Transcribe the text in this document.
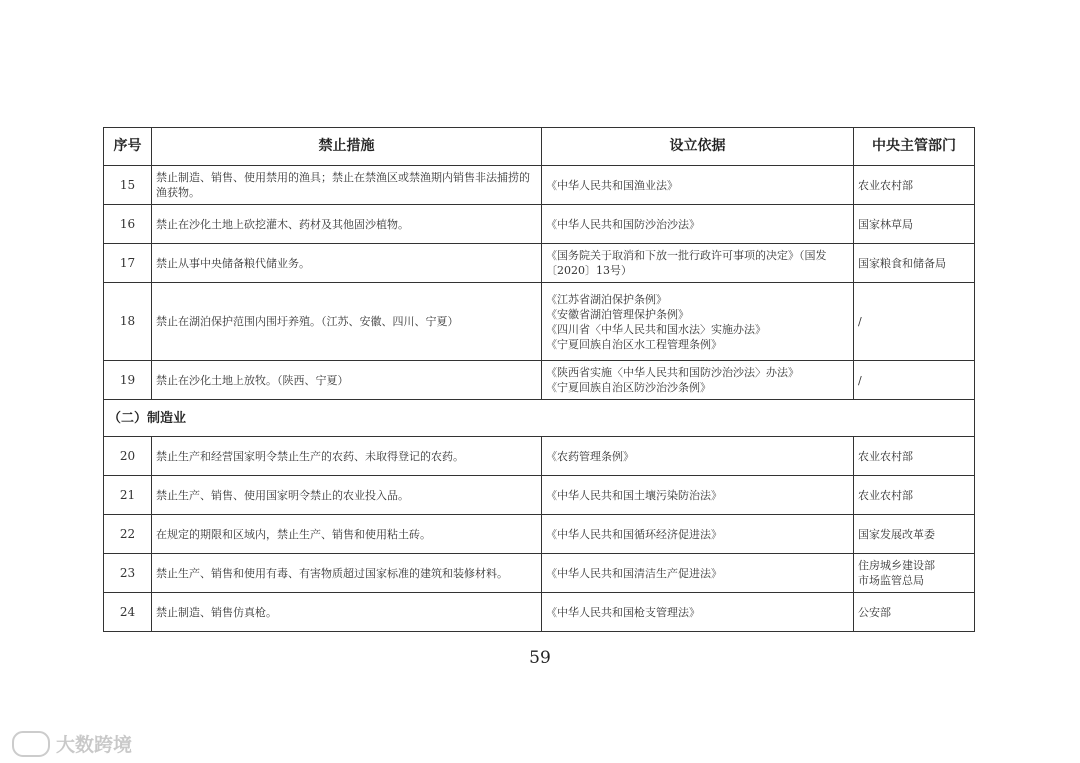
序号	禁止措施	设立依据	中央主管部门
15	禁止制造、销售、使用禁用的渔具；禁止在禁渔区或禁渔期内销售非法捕捞的渔获物。	《中华人民共和国渔业法》	农业农村部

16	禁止在沙化土地上砍挖灌木、药材及其他固沙植物。	《中华人民共和国防沙治沙法》	国家林草局

17	禁止从事中央储备粮代储业务。	《国务院关于取消和下放一批行政许可事项的决定》（国发〔2020〕13号）	国家粮食和储备局

18	禁止在湖泊保护范围内围圩养殖。（江苏、安徽、四川、宁夏）	《江苏省湖泊保护条例》
《安徽省湖泊管理保护条例》
《四川省〈中华人民共和国水法〉实施办法》
《宁夏回族自治区水工程管理条例》	/

19	禁止在沙化土地上放牧。（陕西、宁夏）	《陕西省实施〈中华人民共和国防沙治沙法〉办法》
《宁夏回族自治区防沙治沙条例》	/

（二）制造业			
20	禁止生产和经营国家明令禁止生产的农药、未取得登记的农药。	《农药管理条例》	农业农村部

21	禁止生产、销售、使用国家明令禁止的农业投入品。	《中华人民共和国土壤污染防治法》	农业农村部

22	在规定的期限和区域内，禁止生产、销售和使用粘土砖。	《中华人民共和国循环经济促进法》	国家发展改革委

23	禁止生产、销售和使用有毒、有害物质超过国家标准的建筑和装修材料。	《中华人民共和国清洁生产促进法》	住房城乡建设部
市场监管总局

24	禁止制造、销售仿真枪。	《中华人民共和国枪支管理法》	公安部
59
大数跨境
